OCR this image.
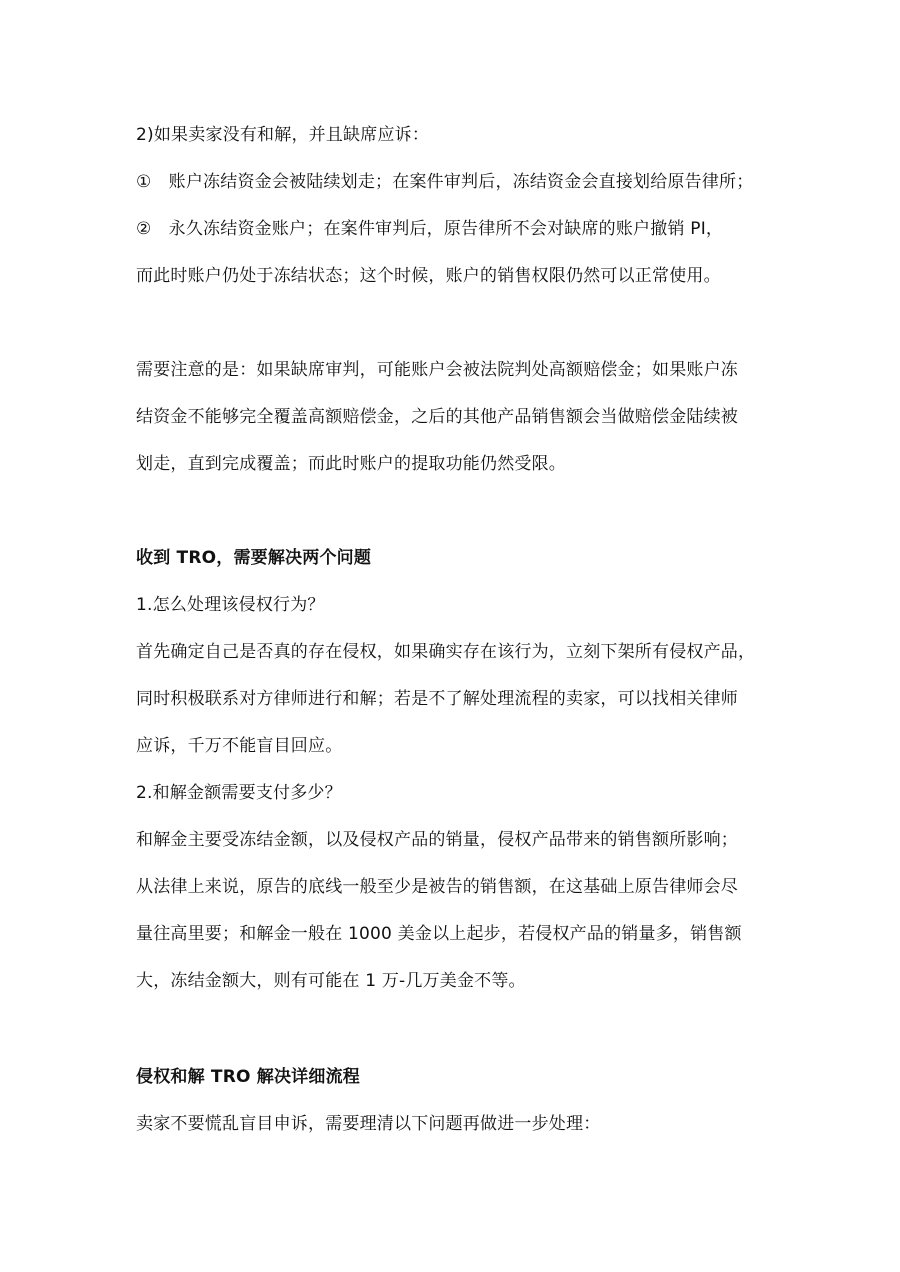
2)如果卖家没有和解，并且缺席应诉：
①　账户冻结资金会被陆续划走；在案件审判后，冻结资金会直接划给原告律所；
②　永久冻结资金账户；在案件审判后，原告律所不会对缺席的账户撤销 PI，
而此时账户仍处于冻结状态；这个时候，账户的销售权限仍然可以正常使用。
需要注意的是：如果缺席审判，可能账户会被法院判处高额赔偿金；如果账户冻
结资金不能够完全覆盖高额赔偿金，之后的其他产品销售额会当做赔偿金陆续被
划走，直到完成覆盖；而此时账户的提取功能仍然受限。
收到 TRO，需要解决两个问题
1.怎么处理该侵权行为？
首先确定自己是否真的存在侵权，如果确实存在该行为，立刻下架所有侵权产品，
同时积极联系对方律师进行和解；若是不了解处理流程的卖家，可以找相关律师
应诉，千万不能盲目回应。
2.和解金额需要支付多少？
和解金主要受冻结金额，以及侵权产品的销量，侵权产品带来的销售额所影响；
从法律上来说，原告的底线一般至少是被告的销售额，在这基础上原告律师会尽
量往高里要；和解金一般在 1000 美金以上起步，若侵权产品的销量多，销售额
大，冻结金额大，则有可能在 1 万-几万美金不等。
侵权和解 TRO 解决详细流程
卖家不要慌乱盲目申诉，需要理清以下问题再做进一步处理：
